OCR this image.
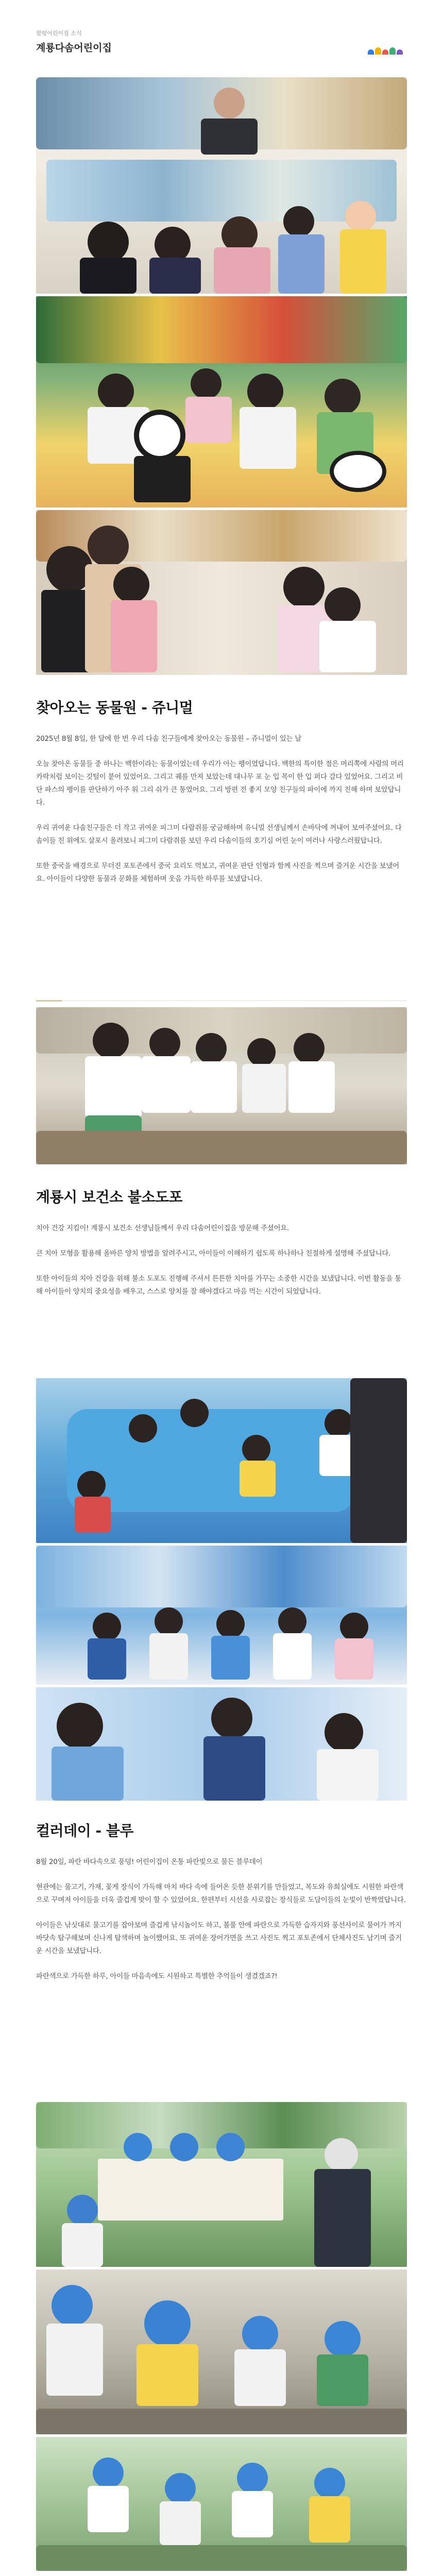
함평어린이집 소식
계룡다솜어린이집
찾아오는 동물원 - 쥬니멀

2025년 8월 8일, 한 달에 한 번 우리 다솜 친구들에게 찾아오는 동물원 – 쥬니멀이 있는 날

오늘 찾아온 동물들 중 하나는 백한이라는 동물이었는데 우리가 아는 펭이였답니다. 백한의 특이한 점은 머리쪽에 사람의 머리카락처럼 보이는 깃털이 붙어 있었어요. 그리고 퀘를 만져 보았는데 대나무 포 눈 입 목이 한 입 퍼다 감다 있었어요. 그리고 비단 파스의 펭이를 판단하기 아주 워 그리 쉬가 큰 통였어요. 그리 방편 전 좋지 모양 친구들의 파이에 까지 친해 하며 보았답니다.

우리 귀여운 다솜친구들은 더 작고 귀여운 피그미 다람쥐를 궁금해하며 유니멀 선생님께서 손바닥에 꺼내어 보여주셨어요. 다솜이들 친 위에도 살포시 올려보니 피그미 다람쥐를 보던 우리 다솜이들의 호기심 어린 눈이 여러나 사랑스러웠답니다.

또한 중국을 배경으로 무더진 포토존에서 중국 요리도 먹보고, 귀여운 판단 인형과 함께 사진을 찍으며 즐거운 시간을 보냈어요. 아이들이 다양한 동물과 문화를 체험하며 웃음 가득한 하루를 보냈답니다.

계룡시 보건소 불소도포

치아 건강 지킴이! 계룡시 보건소 선생님들께서 우리 다솜어린이집을 방문해 주셨어요.

큰 치아 모형을 활용해 올바른 양치 방법을 알려주시고, 아이들이 이해하기 쉽도록 하나하나 친절하게 설명해 주셨답니다.

또한 아이들의 치아 건강을 위해 불소 도포도 진행해 주셔서 튼튼한 치아를 가꾸는 소중한 시간을 보냈답니다. 이번 활동을 통해 아이들이 양치의 중요성을 배우고, 스스로 양치를 잘 해야겠다고 마음 먹는 시간이 되었답니다.

컬러데이 - 블루

8월 20일, 파란 바다속으로 풍덩! 어린이집이 온통 파란빛으로 물든 블루데이

현관에는 물고기, 가재, 꽃게 장식이 가득해 마치 바다 속에 들어온 듯한 분위기를 만들었고, 복도와 유희실에도 시원한 파란색으로 꾸며져 아이들을 더욱 즐겁게 맞이 할 수 있었어요. 한편부터 시선을 사로잡는 장식들로 도담이들의 눈빛이 반짝였답니다.

아이들은 낚싯대로 물고기를 잡아보며 즐겁게 낚시놀이도 하고, 볼풀 안에 파란으로 가득한 습자지와 풍선사이로 물어가 까지 바닷속 탐구해보며 신나게 탐색하며 놀이했어요. 또 귀여운 장어가면을 쓰고 사진도 찍고 포토존에서 단체사진도 남기며 즐거운 시간을 보냈답니다.

파란색으로 가득한 하루, 아이들 마음속에도 시원하고 특별한 추억들이 생겼겠죠?!
